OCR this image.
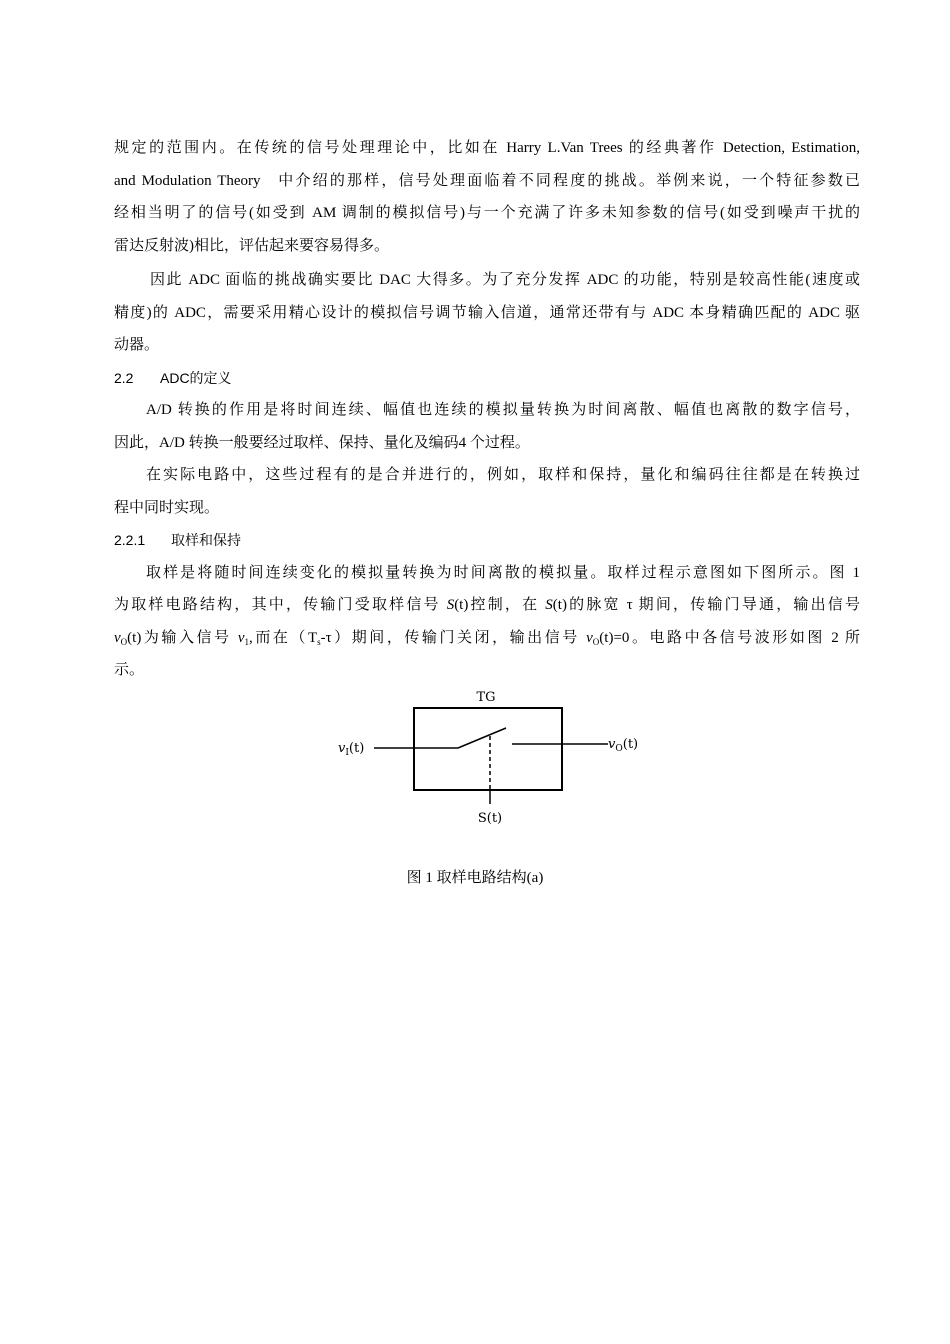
规定的范围内。在传统的信号处理理论中，比如在 Harry L.Van Trees 的经典著作 Detection, Estimation,
and Modulation Theory   中介绍的那样，信号处理面临着不同程度的挑战。举例来说，一个特征参数已
经相当明了的信号(如受到 AM 调制的模拟信号)与一个充满了许多未知参数的信号(如受到噪声干扰的
雷达反射波)相比，评估起来要容易得多。
因此 ADC 面临的挑战确实要比 DAC 大得多。为了充分发挥 ADC 的功能，特别是较高性能(速度或
精度)的 ADC，需要采用精心设计的模拟信号调节输入信道，通常还带有与 ADC 本身精确匹配的 ADC 驱
动器。
2.2 ADC的定义
A/D 转换的作用是将时间连续、幅值也连续的模拟量转换为时间离散、幅值也离散的数字信号，
因此，A/D 转换一般要经过取样、保持、量化及编码4 个过程。
在实际电路中，这些过程有的是合并进行的，例如，取样和保持，量化和编码往往都是在转换过
程中同时实现。
2.2.1 取样和保持
取样是将随时间连续变化的模拟量转换为时间离散的模拟量。取样过程示意图如下图所示。图 1
为取样电路结构，其中，传输门受取样信号 S(t)控制，在 S(t)的脉宽 τ 期间，传输门导通，输出信号
$v_O(t)$为输入信号 $v_1$,而在$(T_s-\tau)$期间，传输门关闭，输出信号 $v_O(t)=0$。电路中各信号波形如图 2 所
示。
TG
$v_I(t)$	$v_O(t)$
S(t)
图 1 取样电路结构(a)
